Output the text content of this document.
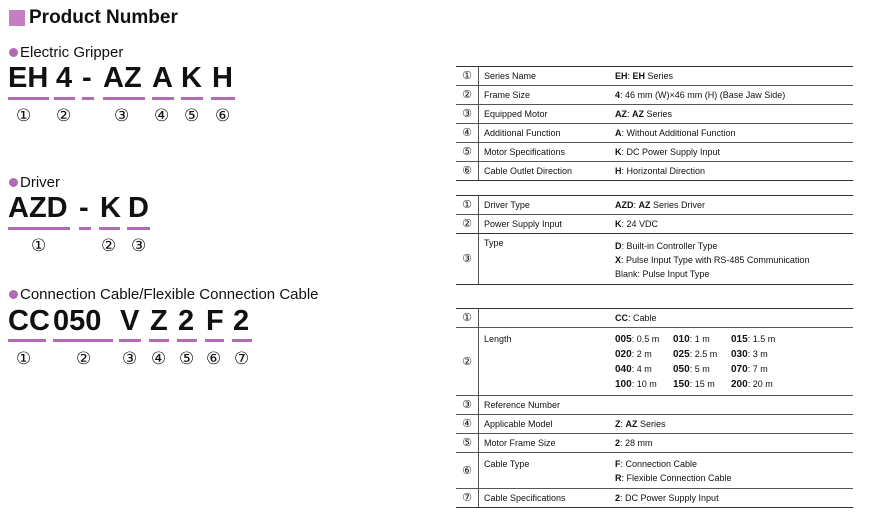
Product Number
Electric Gripper
EH 4 - AZ A K H
① ②	③ ④ ⑤ ⑥
①	Series Name	EH: EH Series
②	Frame Size	4: 46 mm (W)×46 mm (H) (Base Jaw Side)
③	Equipped Motor	AZ: AZ Series
④	Additional Function	A: Without Additional Function
⑤	Motor Specifications	K: DC Power Supply Input
⑥	Cable Outlet Direction	H: Horizontal Direction
Driver
AZD - K D
①	② ③
①	Driver Type	AZD: AZ Series Driver
②	Power Supply Input	K: 24 VDC
③	Type	D: Built-in Controller Type
X: Pulse Input Type with RS-485 Communication
Blank: Pulse Input Type
Connection Cable/Flexible Connection Cable
CC 050 V Z 2 F 2
①	② ③ ④ ⑤ ⑥ ⑦
①		CC: Cable
②	Length	005: 0.5 m 010: 1 m 015: 1.5 m
020: 2 m 025: 2.5 m 030: 3 m
040: 4 m 050: 5 m 070: 7 m
100: 10 m 150: 15 m 200: 20 m

③	Reference Number	
④	Applicable Model	Z: AZ Series
⑤	Motor Frame Size	2: 28 mm
⑥	Cable Type	F: Connection Cable
R: Flexible Connection Cable

⑦	Cable Specifications	2: DC Power Supply Input
